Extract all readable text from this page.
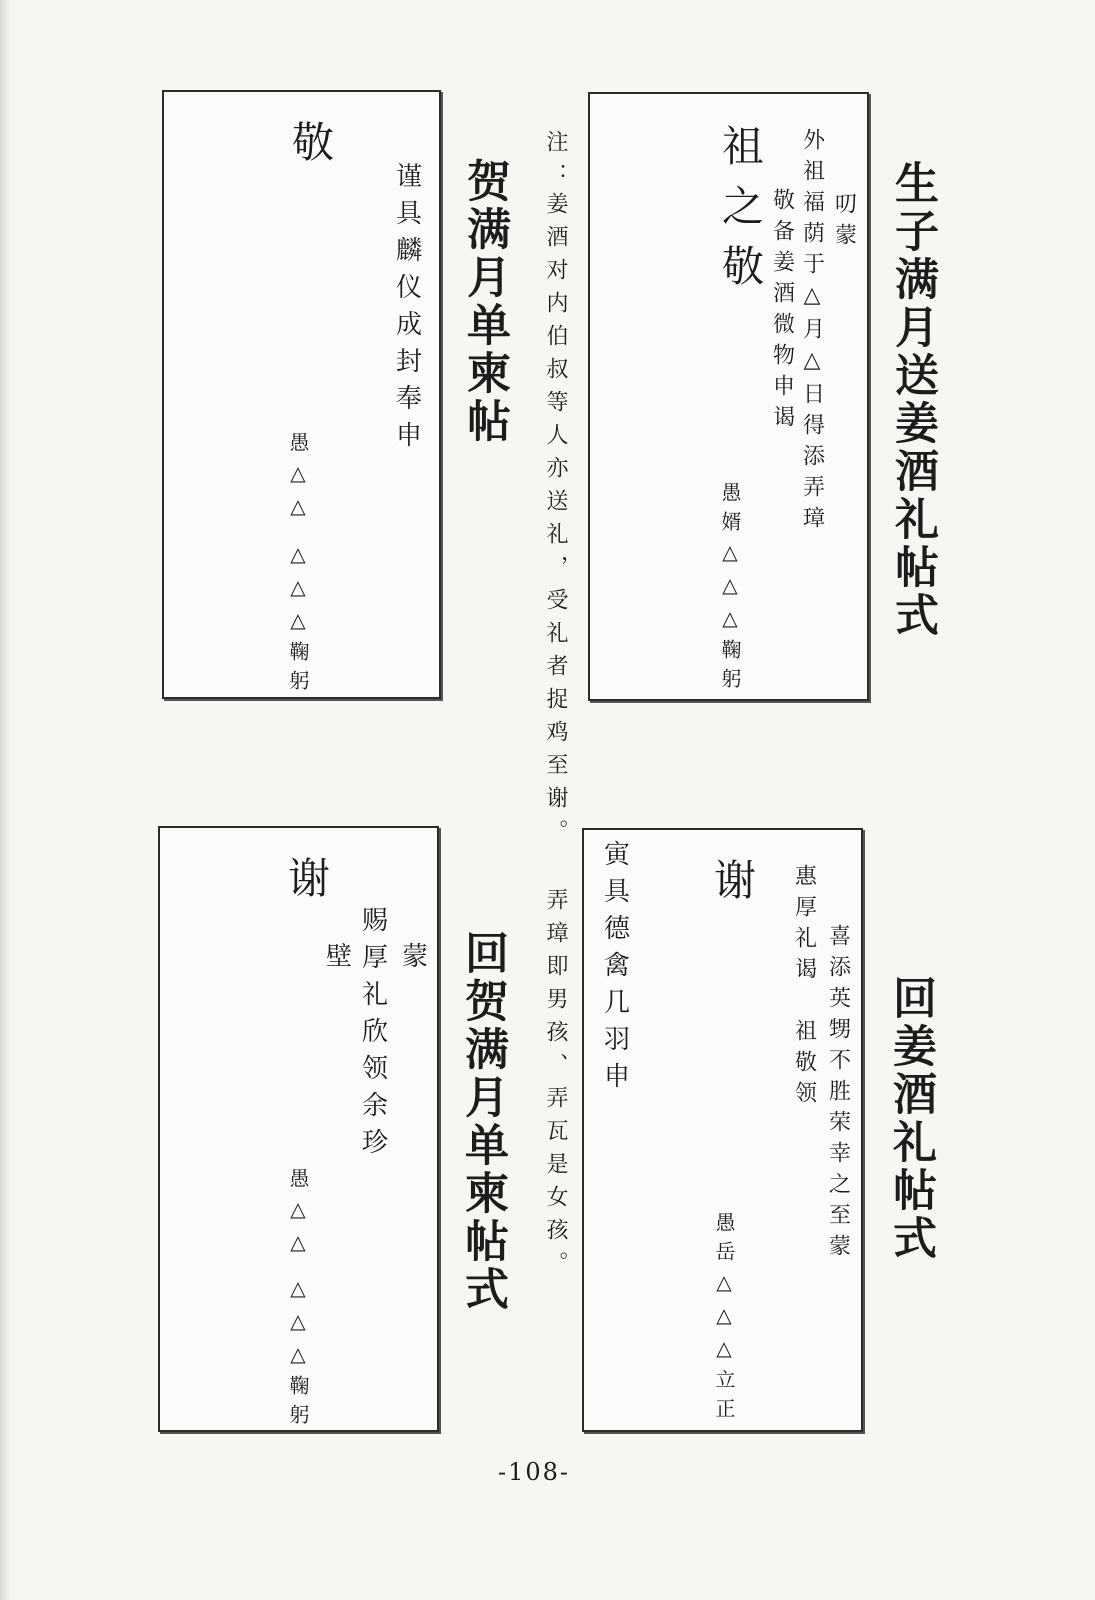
生子满月送姜酒礼帖式
祖之敬	叨蒙
外祖福荫于△月△日得添弄璋
敬备姜酒微物申谒
愚婿△△△鞠躬
注：
姜酒对内伯叔等人亦送礼，受礼者捉鸡至谢。
弄璋即男孩、弄瓦是女孩。
贺满月单柬帖
敬
谨具麟仪成封奉申
愚△△
△△△鞠躬
回姜酒礼帖式
谢
寅具德禽几羽申	喜添英甥不胜荣幸之至蒙
惠厚礼谒　祖敬领
愚岳△△△立正
回贺满月单柬帖式
谢
蒙
赐厚礼欣领余珍
壁
愚△△
△△△鞠躬
-108-
